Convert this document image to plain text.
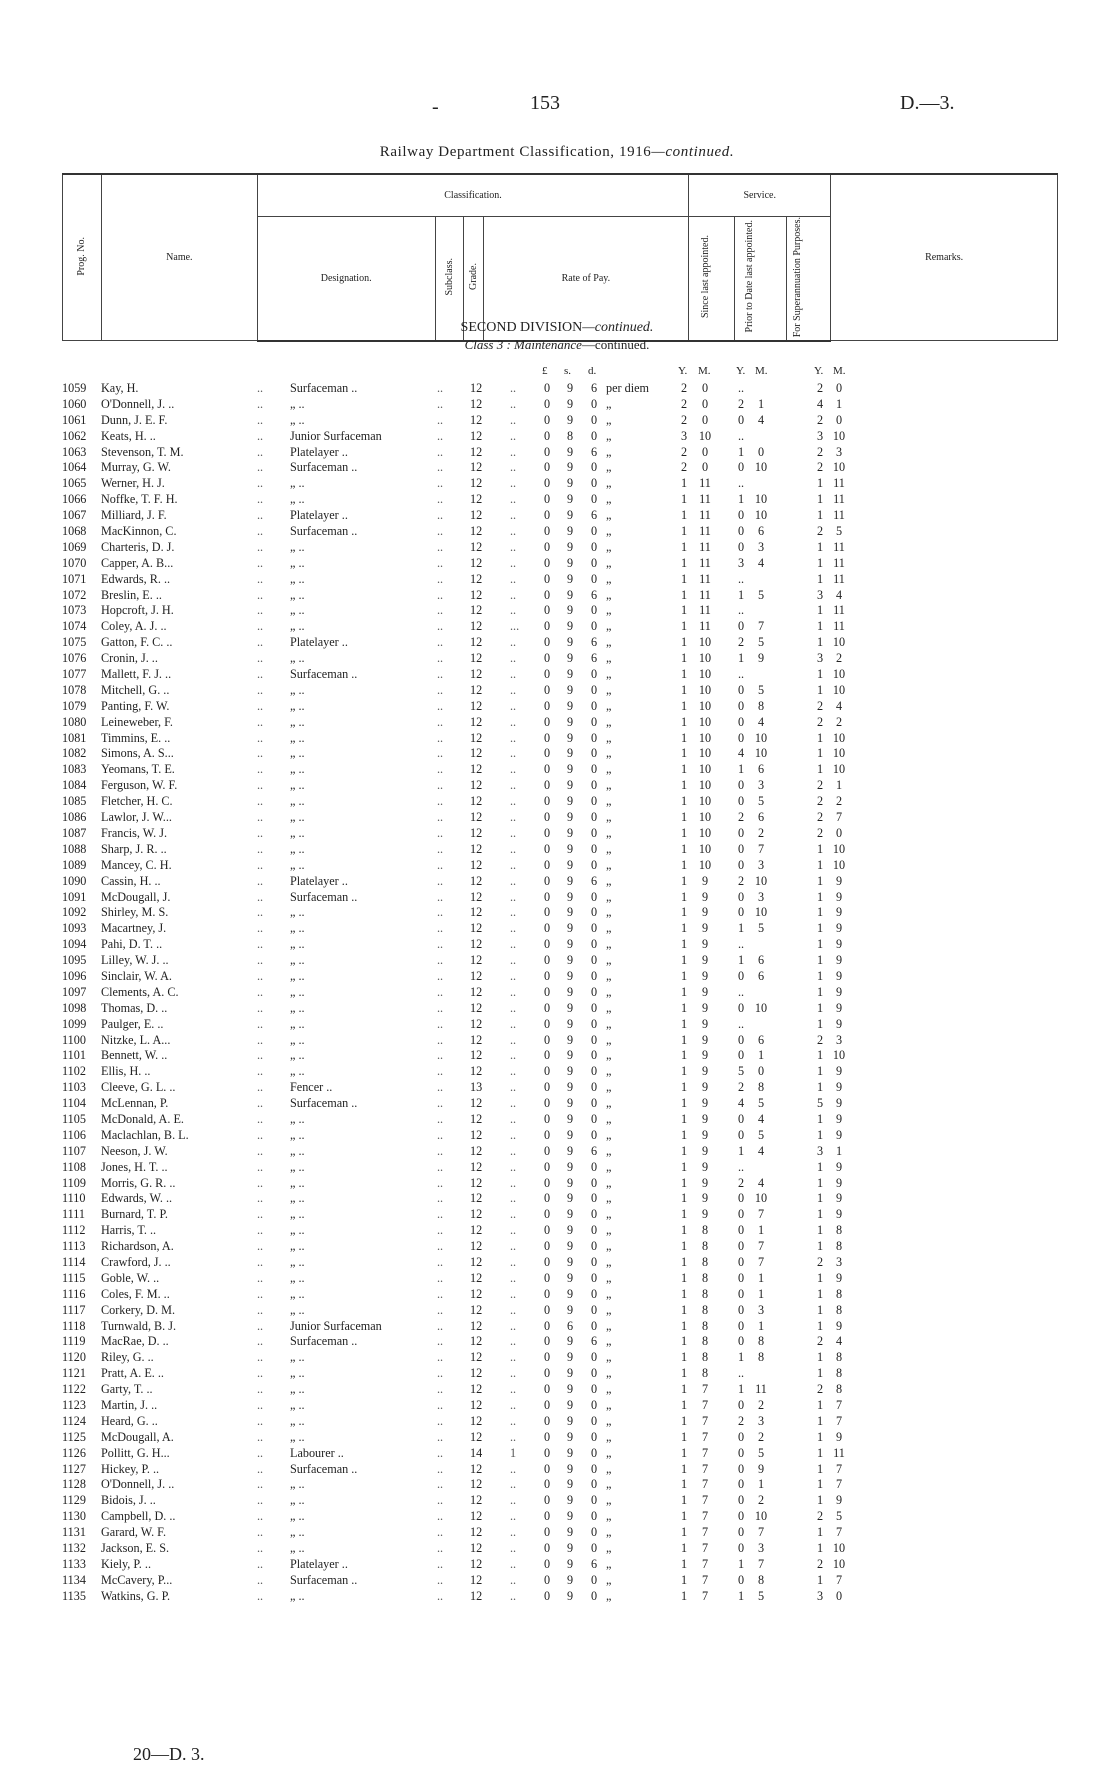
-	153	D.—3.
Railway Department Classification, 1916—continued.
Prog. No.	Name.	Classification.				Service.			Remarks.
		Designation.	Subclass.	Grade.	Rate of Pay.	Since last appointed.	Prior to Date last appointed.	For Superannuation Purposes.	
SECOND DIVISION—continued.
Class 3 : Maintenance—continued.
£ s. d.	Y. M. Y. M.	Y. M.
1059 Kay, H.	.. Surfaceman ..	.. 12 .. 0 9 6 per diem	2	0	..	2	0
1060 O'Donnell, J. ..	.. „ ..	.. 12 .. 0 9 0 „	2	0	2	1	4	1
1061 Dunn, J. E. F.	.. „ ..	.. 12 .. 0 9 0 „	2	0	0	4	2	0
1062 Keats, H. ..	.. Junior Surfaceman	.. 12 .. 0 8 0 „	3 10	..	3 10
1063 Stevenson, T. M.	.. Platelayer ..	.. 12 .. 0 9 6 „	2	0	1	0	2	3
1064 Murray, G. W.	.. Surfaceman ..	.. 12 .. 0 9 0 „	2	0	0 10	2 10
1065 Werner, H. J.	.. „ ..	.. 12 .. 0 9 0 „	1 11	..	1 11
1066 Noffke, T. F. H.	.. „ ..	.. 12 .. 0 9 0 „	1 11	1 10	1 11
1067 Milliard, J. F.	.. Platelayer ..	.. 12 .. 0 9 6 „	1 11	0 10	1 11
1068 MacKinnon, C.	.. Surfaceman ..	.. 12 .. 0 9 0 „	1 11	0	6	2	5
1069 Charteris, D. J.	.. „ ..	.. 12 .. 0 9 0 „	1 11	0	3	1 11
1070 Capper, A. B...	.. „ ..	.. 12 .. 0 9 0 „	1 11	3	4	1 11
1071 Edwards, R. ..	.. „ ..	.. 12 .. 0 9 0 „	1 11	..	1 11
1072 Breslin, E. ..	.. „ ..	.. 12 .. 0 9 6 „	1 11	1	5	3	4
1073 Hopcroft, J. H.	.. „ ..	.. 12 .. 0 9 0 „	1 11	..	1 11
1074 Coley, A. J. ..	.. „ ..	.. 12 ... 0 9 0 „	1 11	0	7	1 11
1075 Gatton, F. C. ..	.. Platelayer ..	.. 12 .. 0 9 6 „	1 10	2	5	1 10
1076 Cronin, J. ..	.. „ ..	.. 12 .. 0 9 6 „	1 10	1	9	3	2
1077 Mallett, F. J. ..	.. Surfaceman ..	.. 12 .. 0 9 0 „	1 10	..	1 10
1078 Mitchell, G. ..	.. „ ..	.. 12 .. 0 9 0 „	1 10	0	5	1 10
1079 Panting, F. W.	.. „ ..	.. 12 .. 0 9 0 „	1 10	0	8	2	4
1080 Leineweber, F.	.. „ ..	.. 12 .. 0 9 0 „	1 10	0	4	2	2
1081 Timmins, E. ..	.. „ ..	.. 12 .. 0 9 0 „	1 10	0 10	1 10
1082 Simons, A. S...	.. „ ..	.. 12 .. 0 9 0 „	1 10	4 10	1 10
1083 Yeomans, T. E.	.. „ ..	.. 12 .. 0 9 0 „	1 10	1	6	1 10
1084 Ferguson, W. F.	.. „ ..	.. 12 .. 0 9 0 „	1 10	0	3	2	1
1085 Fletcher, H. C.	.. „ ..	.. 12 .. 0 9 0 „	1 10	0	5	2	2
1086 Lawlor, J. W...	.. „ ..	.. 12 .. 0 9 0 „	1 10	2	6	2	7
1087 Francis, W. J.	.. „ ..	.. 12 .. 0 9 0 „	1 10	0	2	2	0
1088 Sharp, J. R. ..	.. „ ..	.. 12 .. 0 9 0 „	1 10	0	7	1 10
1089 Mancey, C. H.	.. „ ..	.. 12 .. 0 9 0 „	1 10	0	3	1 10
1090 Cassin, H. ..	.. Platelayer ..	.. 12 .. 0 9 6 „	1	9	2 10	1	9
1091 McDougall, J.	.. Surfaceman ..	.. 12 .. 0 9 0 „	1	9	0	3	1	9
1092 Shirley, M. S.	.. „ ..	.. 12 .. 0 9 0 „	1	9	0 10	1	9
1093 Macartney, J.	.. „ ..	.. 12 .. 0 9 0 „	1	9	1	5	1	9
1094 Pahi, D. T. ..	.. „ ..	.. 12 .. 0 9 0 „	1	9	..	1	9
1095 Lilley, W. J. ..	.. „ ..	.. 12 .. 0 9 0 „	1	9	1	6	1	9
1096 Sinclair, W. A.	.. „ ..	.. 12 .. 0 9 0 „	1	9	0	6	1	9
1097 Clements, A. C.	.. „ ..	.. 12 .. 0 9 0 „	1	9	..	1	9
1098 Thomas, D. ..	.. „ ..	.. 12 .. 0 9 0 „	1	9	0 10	1	9
1099 Paulger, E. ..	.. „ ..	.. 12 .. 0 9 0 „	1	9	..	1	9
1100 Nitzke, L. A...	.. „ ..	.. 12 .. 0 9 0 „	1	9	0	6	2	3
1101 Bennett, W. ..	.. „ ..	.. 12 .. 0 9 0 „	1	9	0	1	1 10
1102 Ellis, H. ..	.. „ ..	.. 12 .. 0 9 0 „	1	9	5	0	1	9
1103 Cleeve, G. L. ..	.. Fencer ..	.. 13 .. 0 9 0 „	1	9	2	8	1	9
1104 McLennan, P.	.. Surfaceman ..	.. 12 .. 0 9 0 „	1	9	4	5	5	9
1105 McDonald, A. E.	.. „ ..	.. 12 .. 0 9 0 „	1	9	0	4	1	9
1106 Maclachlan, B. L.	.. „ ..	.. 12 .. 0 9 0 „	1	9	0	5	1	9
1107 Neeson, J. W.	.. „ ..	.. 12 .. 0 9 6 „	1	9	1	4	3	1
1108 Jones, H. T. ..	.. „ ..	.. 12 .. 0 9 0 „	1	9	..	1	9
1109 Morris, G. R. ..	.. „ ..	.. 12 .. 0 9 0 „	1	9	2	4	1	9
1110 Edwards, W. ..	.. „ ..	.. 12 .. 0 9 0 „	1	9	0 10	1	9
1111 Burnard, T. P.	.. „ ..	.. 12 .. 0 9 0 „	1	9	0	7	1	9
1112 Harris, T. ..	.. „ ..	.. 12 .. 0 9 0 „	1	8	0	1	1	8
1113 Richardson, A.	.. „ ..	.. 12 .. 0 9 0 „	1	8	0	7	1	8
1114 Crawford, J. ..	.. „ ..	.. 12 .. 0 9 0 „	1	8	0	7	2	3
1115 Goble, W. ..	.. „ ..	.. 12 .. 0 9 0 „	1	8	0	1	1	9
1116 Coles, F. M. ..	.. „ ..	.. 12 .. 0 9 0 „	1	8	0	1	1	8
1117 Corkery, D. M.	.. „ ..	.. 12 .. 0 9 0 „	1	8	0	3	1	8
1118 Turnwald, B. J.	.. Junior Surfaceman	.. 12 .. 0 6 0 „	1	8	0	1	1	9
1119 MacRae, D. ..	.. Surfaceman ..	.. 12 .. 0 9 6 „	1	8	0	8	2	4
1120 Riley, G. ..	.. „ ..	.. 12 .. 0 9 0 „	1	8	1	8	1	8
1121 Pratt, A. E. ..	.. „ ..	.. 12 .. 0 9 0 „	1	8	..	1	8
1122 Garty, T. ..	.. „ ..	.. 12 .. 0 9 0 „	1	7	1 11	2	8
1123 Martin, J. ..	.. „ ..	.. 12 .. 0 9 0 „	1	7	0	2	1	7
1124 Heard, G. ..	.. „ ..	.. 12 .. 0 9 0 „	1	7	2	3	1	7
1125 McDougall, A.	.. „ ..	.. 12 .. 0 9 0 „	1	7	0	2	1	9
1126 Pollitt, G. H...	.. Labourer ..	.. 14 1 0 9 0 „	1	7	0	5	1 11
1127 Hickey, P. ..	.. Surfaceman ..	.. 12 .. 0 9 0 „	1	7	0	9	1	7
1128 O'Donnell, J. ..	.. „ ..	.. 12 .. 0 9 0 „	1	7	0	1	1	7
1129 Bidois, J. ..	.. „ ..	.. 12 .. 0 9 0 „	1	7	0	2	1	9
1130 Campbell, D. ..	.. „ ..	.. 12 .. 0 9 0 „	1	7	0 10	2	5
1131 Garard, W. F.	.. „ ..	.. 12 .. 0 9 0 „	1	7	0	7	1	7
1132 Jackson, E. S.	.. „ ..	.. 12 .. 0 9 0 „	1	7	0	3	1 10
1133 Kiely, P. ..	.. Platelayer ..	.. 12 .. 0 9 6 „	1	7	1	7	2 10
1134 McCavery, P...	.. Surfaceman ..	.. 12 .. 0 9 0 „	1	7	0	8	1	7
1135 Watkins, G. P.	.. „ ..	.. 12 .. 0 9 0 „	1	7	1	5	3	0
20—D. 3.
